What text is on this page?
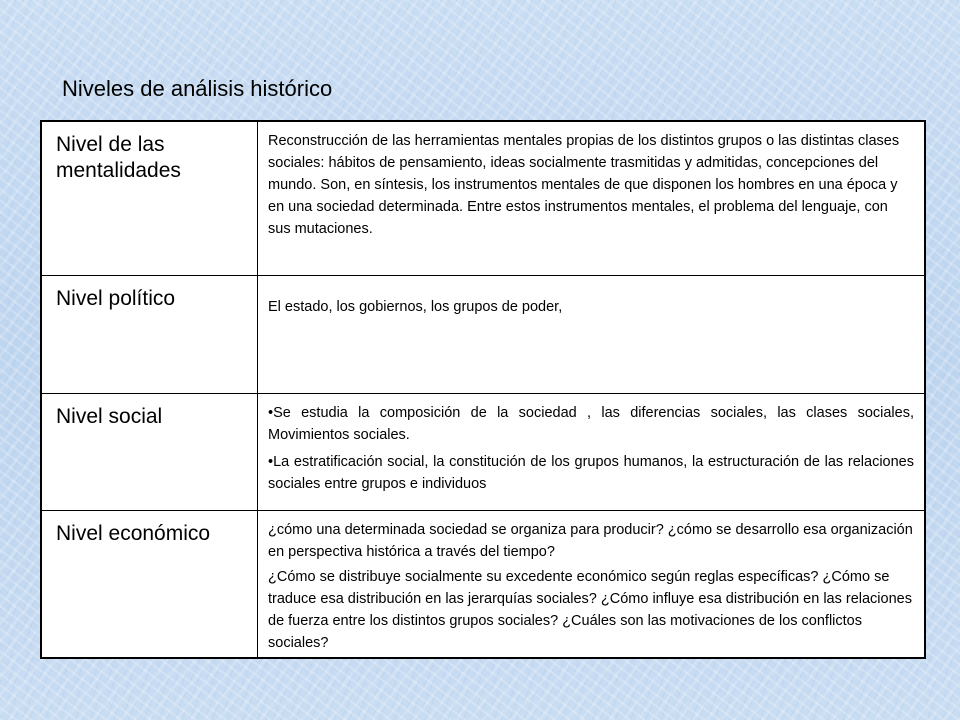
Niveles de análisis histórico
Nivel de las mentalidades	Reconstrucción de las herramientas mentales propias de los distintos grupos o las distintas clases sociales: hábitos de pensamiento, ideas socialmente trasmitidas y admitidas, concepciones del mundo. Son, en síntesis, los instrumentos mentales de que disponen los hombres en una época y en una sociedad determinada. Entre estos instrumentos mentales, el problema del lenguaje, con sus mutaciones.

Nivel político	El estado, los gobiernos, los grupos de poder,

Nivel social	•Se estudia la composición de la sociedad , las diferencias sociales, las clases sociales, Movimientos sociales.

•La estratificación social, la constitución de los grupos humanos, la estructuración de las relaciones sociales entre grupos e individuos

Nivel económico	¿cómo una determinada sociedad se organiza para producir? ¿cómo se desarrollo esa organización en perspectiva histórica a través del tiempo?

¿Cómo se distribuye socialmente su excedente económico según reglas específicas? ¿Cómo se traduce esa distribución en las jerarquías sociales? ¿Cómo influye esa distribución en las relaciones de fuerza entre los distintos grupos sociales? ¿Cuáles son las motivaciones de los conflictos sociales?
